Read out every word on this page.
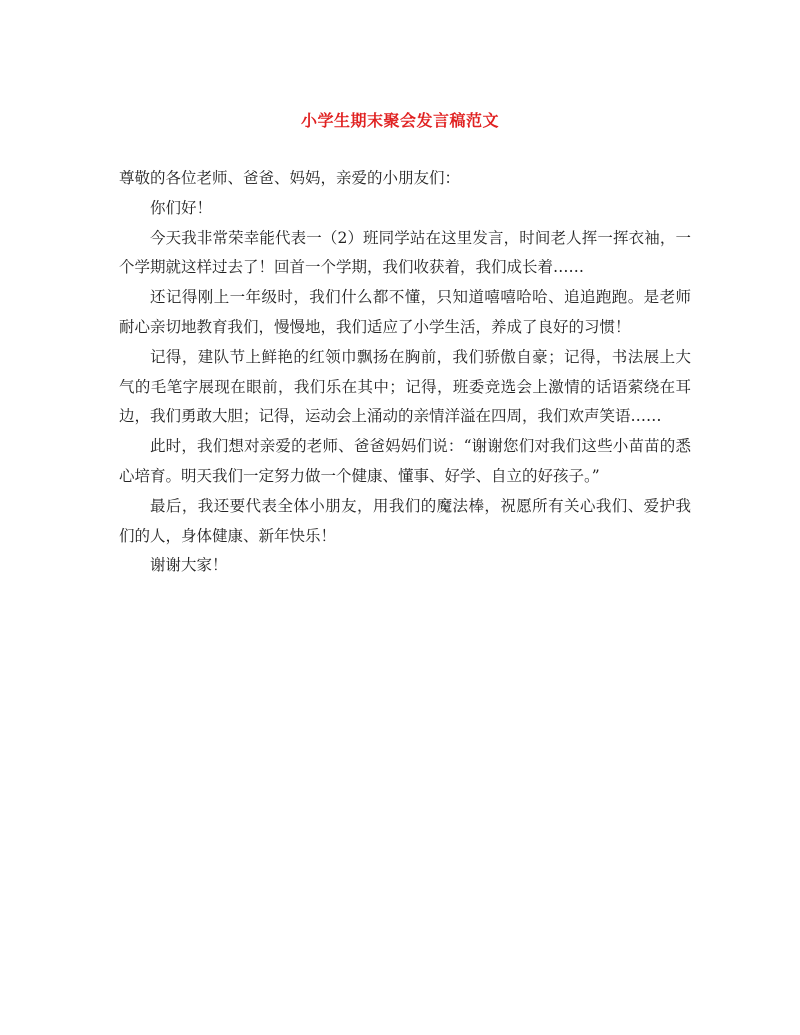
小学生期末聚会发言稿范文

尊敬的各位老师、爸爸、妈妈，亲爱的小朋友们：

你们好！

今天我非常荣幸能代表一（2）班同学站在这里发言，时间老人挥一挥衣袖，一个学期就这样过去了！回首一个学期，我们收获着，我们成长着……

还记得刚上一年级时，我们什么都不懂，只知道嘻嘻哈哈、追追跑跑。是老师耐心亲切地教育我们，慢慢地，我们适应了小学生活，养成了良好的习惯！

记得，建队节上鲜艳的红领巾飘扬在胸前，我们骄傲自豪；记得，书法展上大气的毛笔字展现在眼前，我们乐在其中；记得，班委竞选会上激情的话语萦绕在耳边，我们勇敢大胆；记得，运动会上涌动的亲情洋溢在四周，我们欢声笑语……

此时，我们想对亲爱的老师、爸爸妈妈们说：“谢谢您们对我们这些小苗苗的悉心培育。明天我们一定努力做一个健康、懂事、好学、自立的好孩子。”

最后，我还要代表全体小朋友，用我们的魔法棒，祝愿所有关心我们、爱护我们的人，身体健康、新年快乐！

谢谢大家！
